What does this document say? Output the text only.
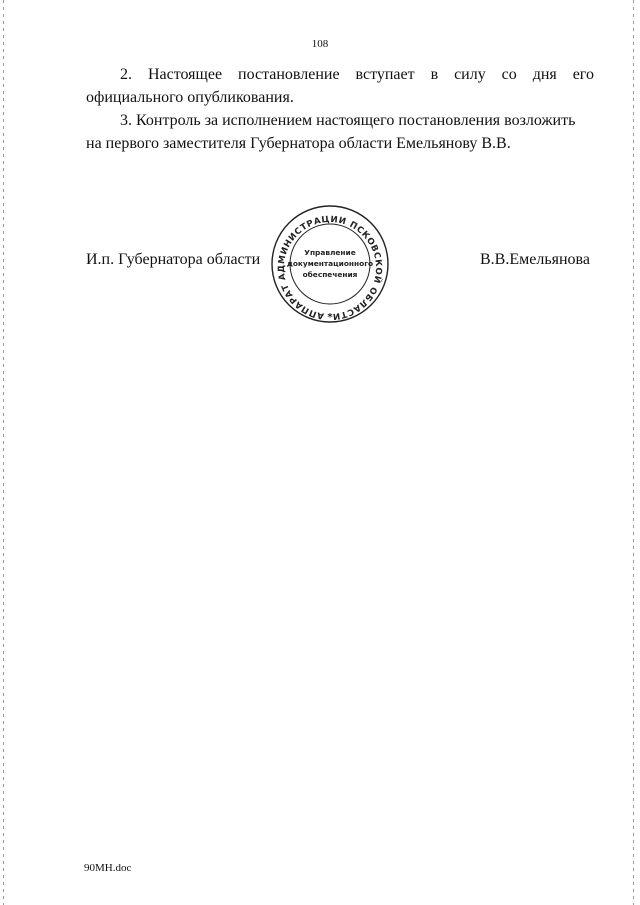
108
2. Настоящее постановление вступает в силу со дня его
официального опубликования.
3. Контроль за исполнением настоящего постановления возложить
на первого заместителя Губернатора области Емельянову В.В.
И.п. Губернатора области	В.В.Емельянова
АППАРАТ АДМИНИСТРАЦИИ ПСКОВСКОЙ ОБЛАСТИ
Управление
документационного
обеспечения
*
90МН.doc
